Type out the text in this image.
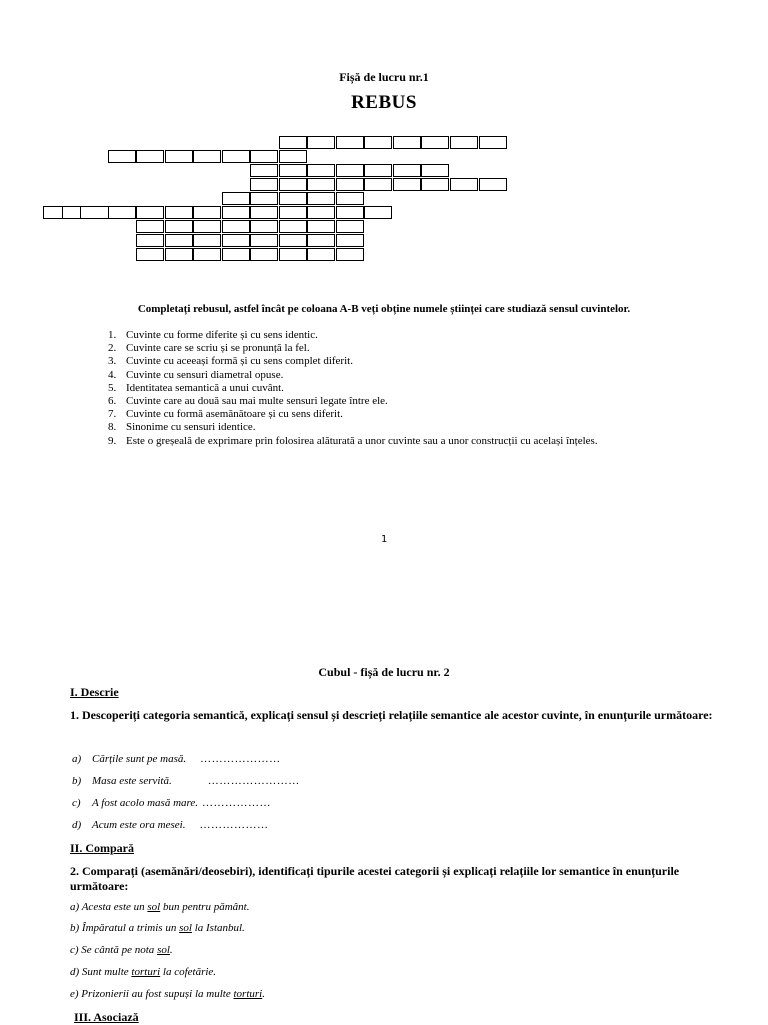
Fișă de lucru nr.1
REBUS
Completați rebusul, astfel încât pe coloana A-B veți obține numele științei care studiază sensul cuvintelor.
1. Cuvinte cu forme diferite și cu sens identic.
2. Cuvinte care se scriu și se pronunță la fel.
3. Cuvinte cu aceeași formă și cu sens complet diferit.
4. Cuvinte cu sensuri diametral opuse.
5. Identitatea semantică a unui cuvânt.
6. Cuvinte care au două sau mai multe sensuri legate între ele.
7. Cuvinte cu formă asemănătoare și cu sens diferit.
8. Sinonime cu sensuri identice.
9. Este o greșeală de exprimare prin folosirea alăturată a unor cuvinte sau a unor construcții cu același înțeles.
1
Cubul - fișă de lucru nr. 2
I. Descrie
1. Descoperiți categoria semantică, explicați sensul și descrieți relațiile semantice ale acestor cuvinte, în enunțurile următoare:
a) Cărțile sunt pe masă. …………………
b) Masa este servită.	……………………
c) A fost acolo masă mare. ………………
d) Acum este ora mesei. ………………
II. Compară
2. Comparați (asemănări/deosebiri), identificați tipurile acestei categorii și explicați relațiile lor semantice în enunțurile următoare:
a) Acesta este un sol bun pentru pământ.
b) Împăratul a trimis un sol la Istanbul.
c) Se cântă pe nota sol.
d) Sunt multe torturi la cofetărie.
e) Prizonierii au fost supuși la multe torturi.
III. Asociază
